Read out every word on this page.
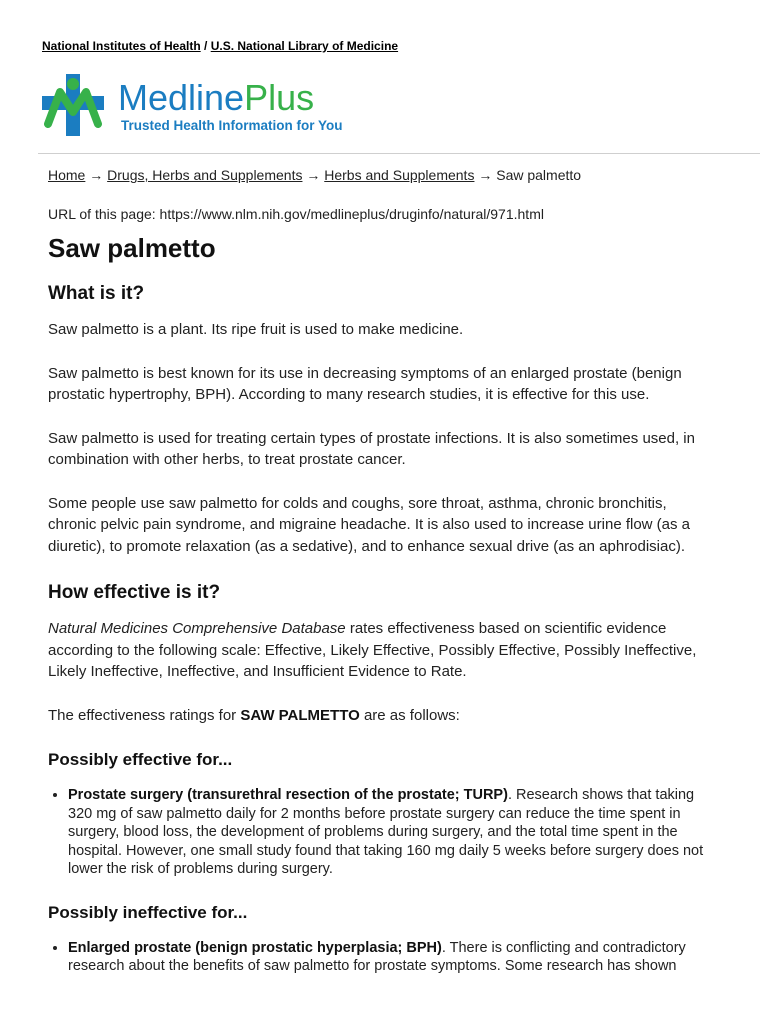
National Institutes of Health / U.S. National Library of Medicine
MedlinePlus
Trusted Health Information for You
Home → Drugs, Herbs and Supplements → Herbs and Supplements → Saw palmetto
URL of this page: https://www.nlm.nih.gov/medlineplus/druginfo/natural/971.html
Saw palmetto
What is it?

Saw palmetto is a plant. Its ripe fruit is used to make medicine.

Saw palmetto is best known for its use in decreasing symptoms of an enlarged prostate (benign prostatic hypertrophy, BPH). According to many research studies, it is effective for this use.

Saw palmetto is used for treating certain types of prostate infections. It is also sometimes used, in combination with other herbs, to treat prostate cancer.

Some people use saw palmetto for colds and coughs, sore throat, asthma, chronic bronchitis, chronic pelvic pain syndrome, and migraine headache. It is also used to increase urine flow (as a diuretic), to promote relaxation (as a sedative), and to enhance sexual drive (as an aphrodisiac).

How effective is it?

Natural Medicines Comprehensive Database rates effectiveness based on scientific evidence according to the following scale: Effective, Likely Effective, Possibly Effective, Possibly Ineffective, Likely Ineffective, Ineffective, and Insufficient Evidence to Rate.

The effectiveness ratings for SAW PALMETTO are as follows:

Possibly effective for...
• Prostate surgery (transurethral resection of the prostate; TURP). Research shows that taking 320 mg of saw palmetto daily for 2 months before prostate surgery can reduce the time spent in surgery, blood loss, the development of problems during surgery, and the total time spent in the hospital. However, one small study found that taking 160 mg daily 5 weeks before surgery does not lower the risk of problems during surgery.
Possibly ineffective for...
• Enlarged prostate (benign prostatic hyperplasia; BPH). There is conflicting and contradictory research about the benefits of saw palmetto for prostate symptoms. Some research has shown
